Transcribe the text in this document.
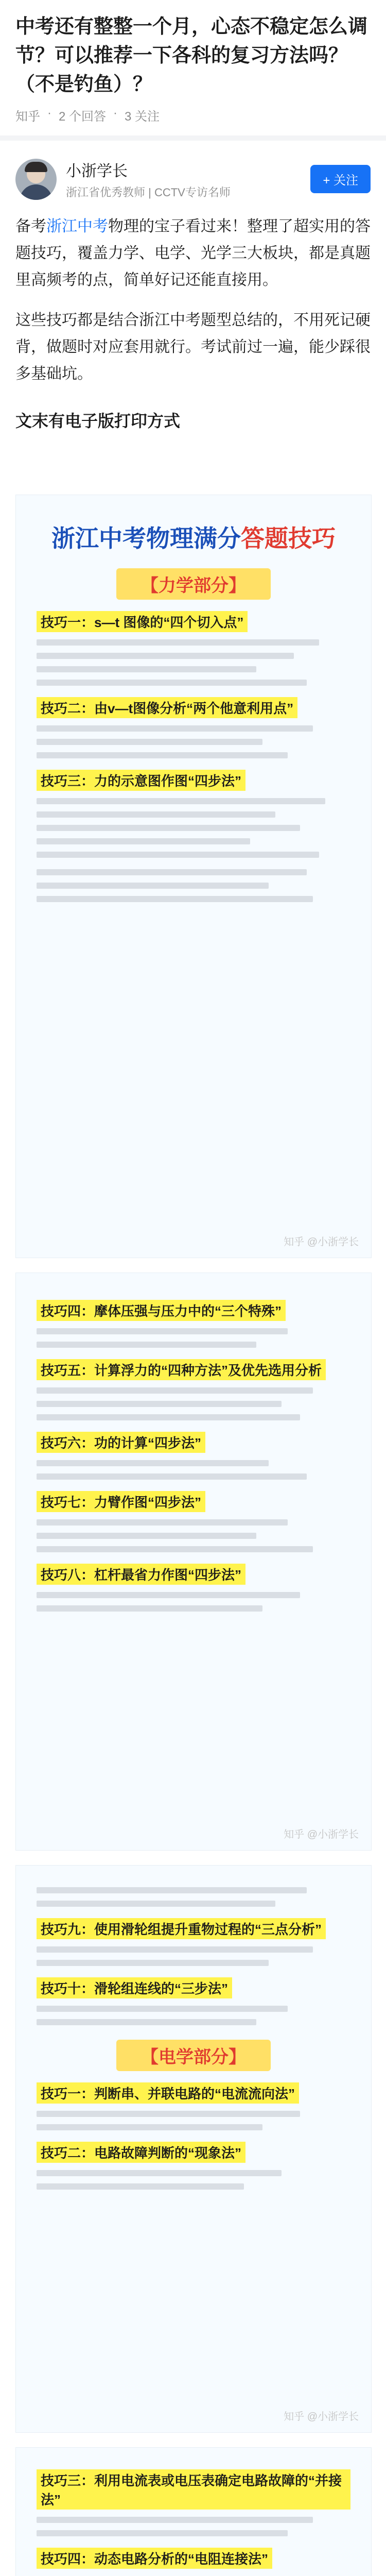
中考还有整整一个月，心态不稳定怎么调节？可以推荐一下各科的复习方法吗？（不是钓鱼）？
知乎 · 2 个回答 · 3 关注
小浙学长
浙江省优秀教师 | CCTV专访名师
+ 关注

备考浙江中考物理的宝子看过来！整理了超实用的答题技巧，覆盖力学、电学、光学三大板块，都是真题里高频考的点，简单好记还能直接用。

这些技巧都是结合浙江中考题型总结的，不用死记硬背，做题时对应套用就行。考试前过一遍，能少踩很多基础坑。

文末有电子版打印方式
浙江中考物理满分答题技巧
【力学部分】
技巧一：s—t 图像的“四个切入点”
技巧二：由v—t图像分析“两个他意利用点”
技巧三：力的示意图作图“四步法”
知乎 @小浙学长
技巧四：摩体压强与压力中的“三个特殊”
技巧五：计算浮力的“四种方法”及优先选用分析
技巧六：功的计算“四步法”
技巧七：力臂作图“四步法”
技巧八：杠杆最省力作图“四步法”
知乎 @小浙学长
技巧九：使用滑轮组提升重物过程的“三点分析”
技巧十：滑轮组连线的“三步法”
【电学部分】
技巧一：判断串、并联电路的“电流流向法”
技巧二：电路故障判断的“现象法”
知乎 @小浙学长
技巧三：利用电流表或电压表确定电路故障的“并接法”
技巧四：动态电路分析的“电阻连接法”
